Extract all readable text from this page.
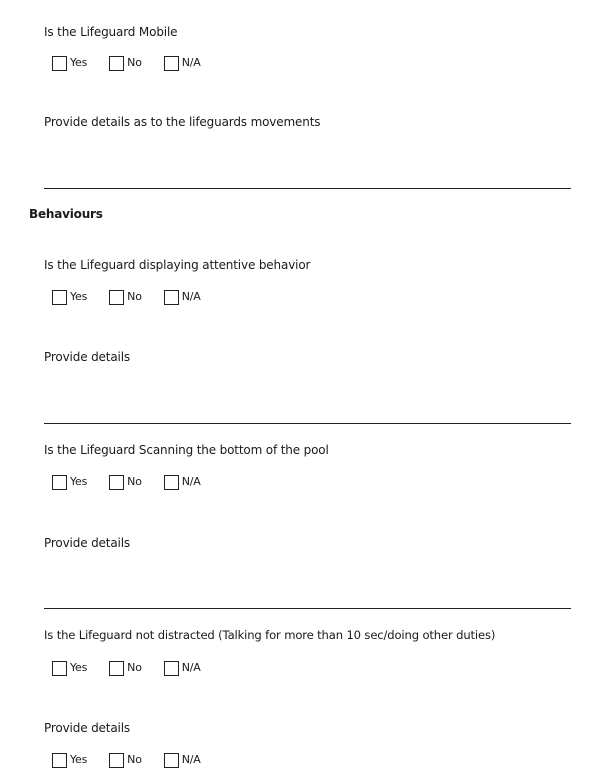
Is the Lifeguard Mobile
Yes	No	N/A
Provide details as to the lifeguards movements
Behaviours
Is the Lifeguard displaying attentive behavior
Yes	No	N/A
Provide details
Is the Lifeguard Scanning the bottom of the pool
Yes	No	N/A
Provide details
Is the Lifeguard not distracted (Talking for more than 10 sec/doing other duties)
Yes	No	N/A
Provide details
Yes	No	N/A
